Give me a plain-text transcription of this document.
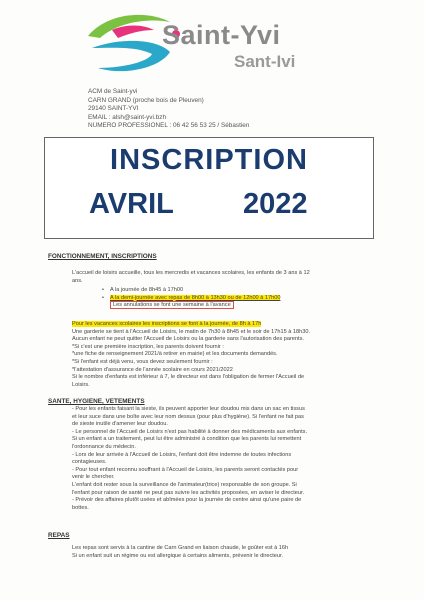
Saint-Yvi
Sant-Ivi
ACM de Saint-yvi
CARN GRAND (proche bois de Pleuven)
29140 SAINT-YVI
EMAIL : alsh@saint-yvi.bzh
NUMERO PROFESSIONEL : 06 42 56 53 25 / Sébastien
INSCRIPTION
AVRIL 2022
FONCTIONNEMENT, INSCRIPTIONS
L'accueil de loisirs accueille, tous les mercredis et vacances scolaires, les enfants de 3 ans à 12
ans.
• A la journée de 8h45 à 17h00
• A la demi-journée avec repas de 8h00 à 13h30 ou de 12h00 à 17h00
Les annulations se font une semaine à l'avance
Pour les vacances scolaires les inscriptions se font à la journée, de 8h à 17h
Une garderie se tient à l'Accueil de Loisirs, le matin de 7h30 à 8h45 et le soir de 17h15 à 18h30.
Aucun enfant ne peut quitter l'Accueil de Loisirs ou la garderie sans l'autorisation des parents.
*Si c'est une première inscription, les parents doivent fournir :
*une fiche de renseignement 2021/à retirer en mairie) et les documents demandés.
*Si l'enfant est déjà venu, vous devez seulement fournir :
*l'attestation d'assurance de l'année scolaire en cours 2021/2022
Si le nombre d'enfants est inférieur à 7, le directeur est dans l'obligation de fermer l'Accueil de
Loisirs.
SANTE, HYGIENE, VETEMENTS
- Pour les enfants faisant la sieste, ils peuvent apporter leur doudou mis dans un sac en tissus
et leur suce dans une boîte avec leur nom dessus (pour plus d'hygiène). Si l'enfant ne fait pas
de sieste inutile d'amener leur doudou.
- Le personnel de l'Accueil de Loisirs n'est pas habilité à donner des médicaments aux enfants.
Si un enfant a un traitement, peut lui être administré à condition que les parents lui remettent
l'ordonnance du médecin.
- Lors de leur arrivée à l'Accueil de Loisirs, l'enfant doit être indemne de toutes infections
contagieuses.
- Pour tout enfant reconnu souffrant à l'Accueil de Loisirs, les parents seront contactés pour
venir le chercher.
L'enfant doit rester sous la surveillance de l'animateur(trice) responsable de son groupe. Si
l'enfant pour raison de santé ne peut pas suivre les activités proposées, en aviser le directeur.
- Prévoir des affaires plutôt usées et abîmées pour la journée de centre ainsi qu'une paire de
bottes.
REPAS
Les repas sont servis à la cantine de Carn Grand en liaison chaude, le goûter est à 16h
Si un enfant suit un régime ou est allergique à certains aliments, prévenir le directeur.
